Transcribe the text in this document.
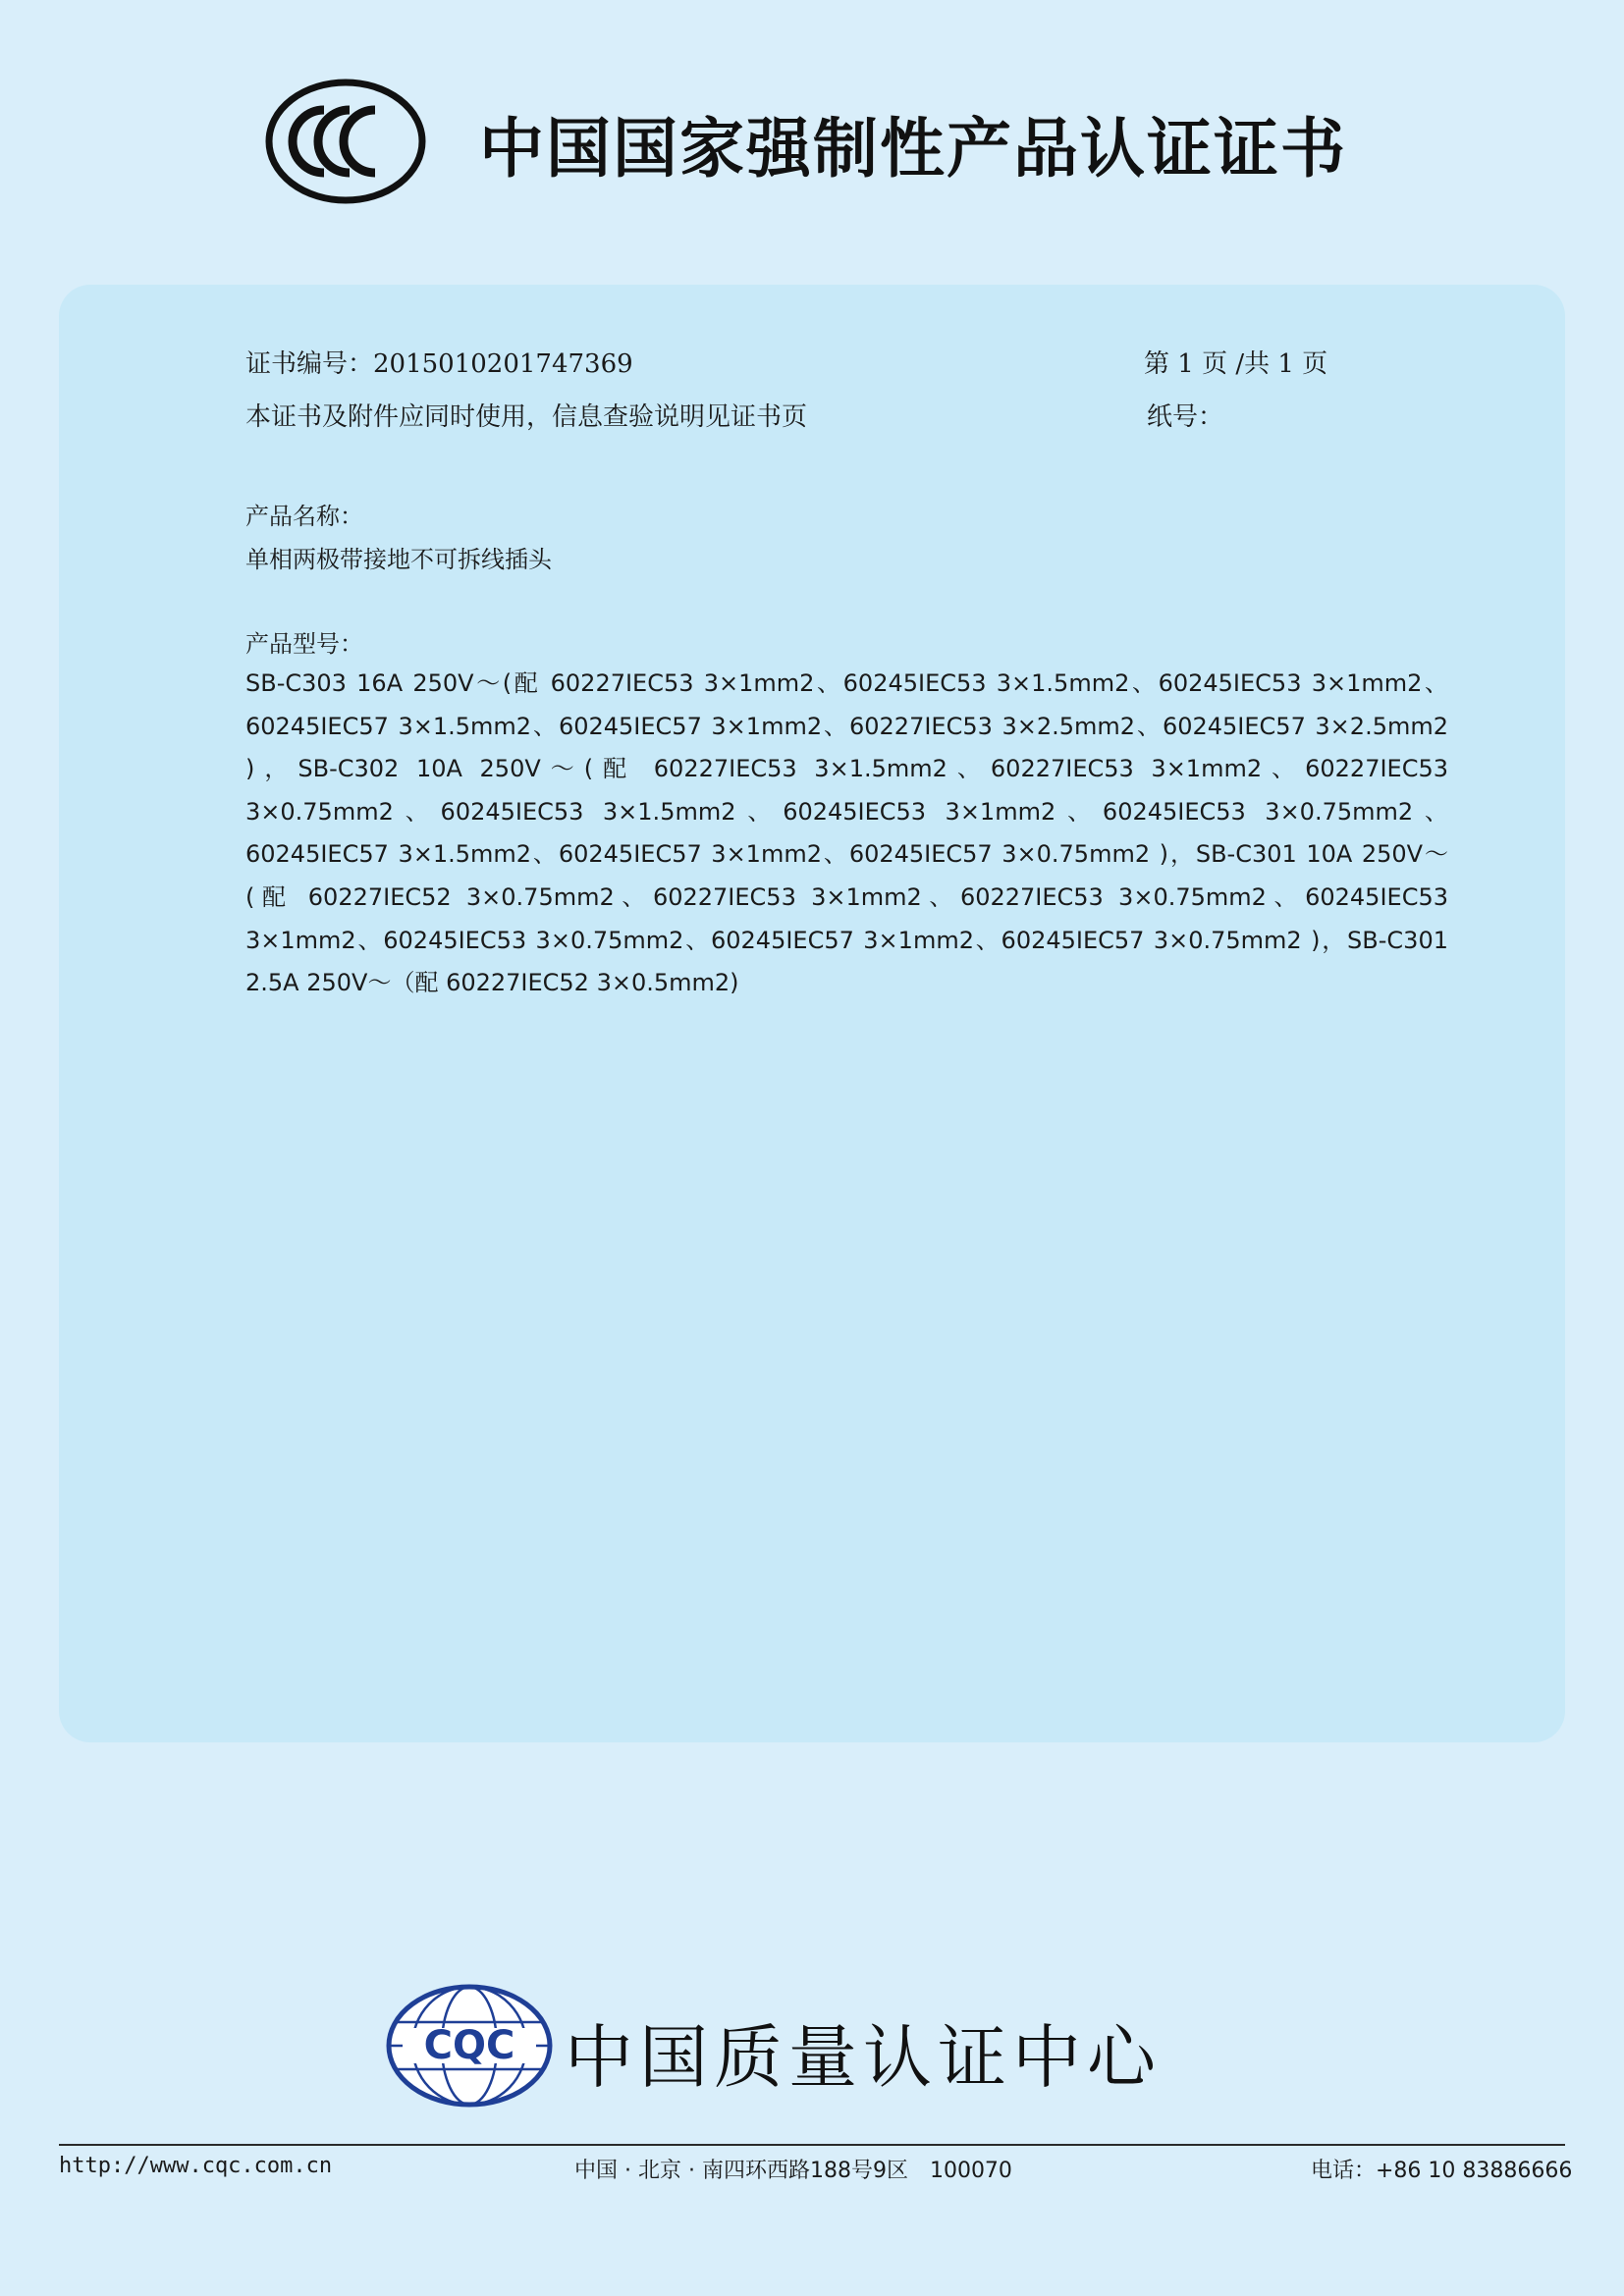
中国国家强制性产品认证证书
证书编号：2015010201747369	第 1 页 /共 1 页
本证书及附件应同时使用，信息查验说明见证书页	纸号：
产品名称：
单相两极带接地不可拆线插头
产品型号：
SB-C303 16A 250V～(配 60227IEC53 3×1mm2、60245IEC53 3×1.5mm2、60245IEC53 3×1mm2、60245IEC57 3×1.5mm2、60245IEC57 3×1mm2、60227IEC53 3×2.5mm2、60245IEC57 3×2.5mm2 )，SB-C302 10A 250V～(配 60227IEC53 3×1.5mm2、60227IEC53 3×1mm2、60227IEC53 3×0.75mm2、60245IEC53 3×1.5mm2、60245IEC53 3×1mm2、60245IEC53 3×0.75mm2、60245IEC57 3×1.5mm2、60245IEC57 3×1mm2、60245IEC57 3×0.75mm2 )，SB-C301 10A 250V～(配 60227IEC52 3×0.75mm2、60227IEC53 3×1mm2、60227IEC53 3×0.75mm2、60245IEC53 3×1mm2、60245IEC53 3×0.75mm2、60245IEC57 3×1mm2、60245IEC57 3×0.75mm2 )，SB-C301 2.5A 250V～（配 60227IEC52 3×0.5mm2)
CQC 中国质量认证中心
http://www.cqc.com.cn	中国 · 北京 · 南四环西路188号9区　100070	电话：+86 10 83886666
